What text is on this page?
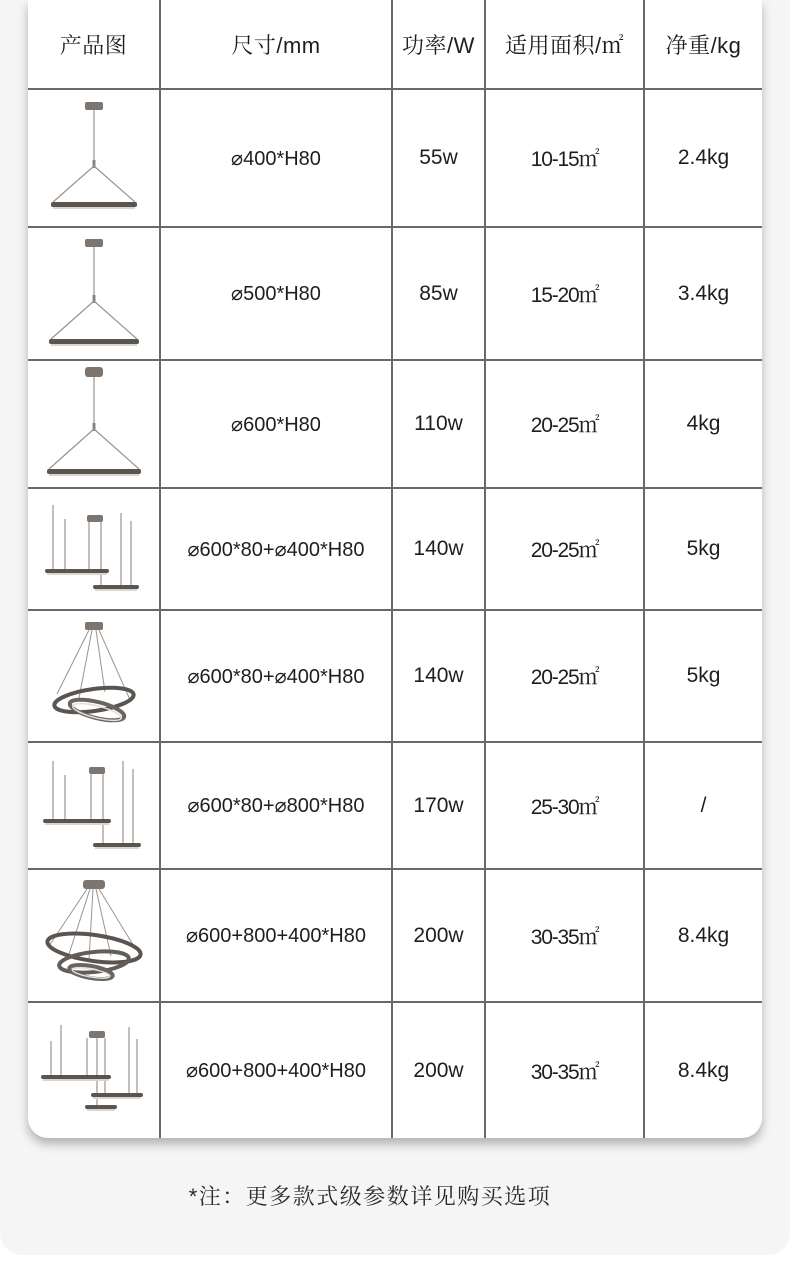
产品图	尺寸/mm	功率/W	适用面积/㎡	净重/kg

	⌀400*H80	55w	10-15㎡	2.4kg

	⌀500*H80	85w	15-20㎡	3.4kg

	⌀600*H80	110w	20-25㎡	4kg

	⌀600*80+⌀400*H80	140w	20-25㎡	5kg

	⌀600*80+⌀400*H80	140w	20-25㎡	5kg

	⌀600*80+⌀800*H80	170w	25-30㎡	/

	⌀600+800+400*H80	200w	30-35㎡	8.4kg

	⌀600+800+400*H80	200w	30-35㎡	8.4kg
*注：更多款式级参数详见购买选项
